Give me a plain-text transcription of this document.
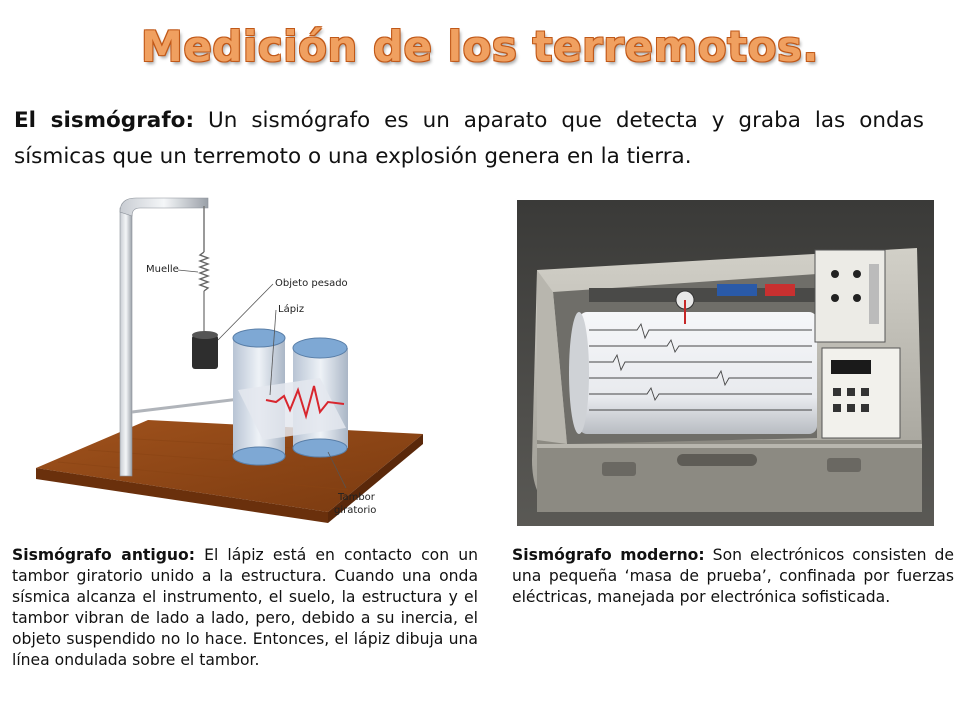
Medición de los terremotos.
El sismógrafo: Un sismógrafo es un aparato que detecta y graba las ondas sísmicas que un terremoto o una explosión genera en la tierra.
Muelle
Objeto pesado
Lápiz
Tambor
giratorio
Sismógrafo antiguo: El lápiz está en contacto con un tambor giratorio unido a la estructura. Cuando una onda sísmica alcanza el instrumento, el suelo, la estructura y el tambor vibran de lado a lado, pero, debido a su inercia, el objeto suspendido no lo hace. Entonces, el lápiz dibuja una línea ondulada sobre el tambor.
Sismógrafo moderno: Son electrónicos consisten de una pequeña ‘masa de prueba’, confinada por fuerzas eléctricas, manejada por electrónica sofisticada.
